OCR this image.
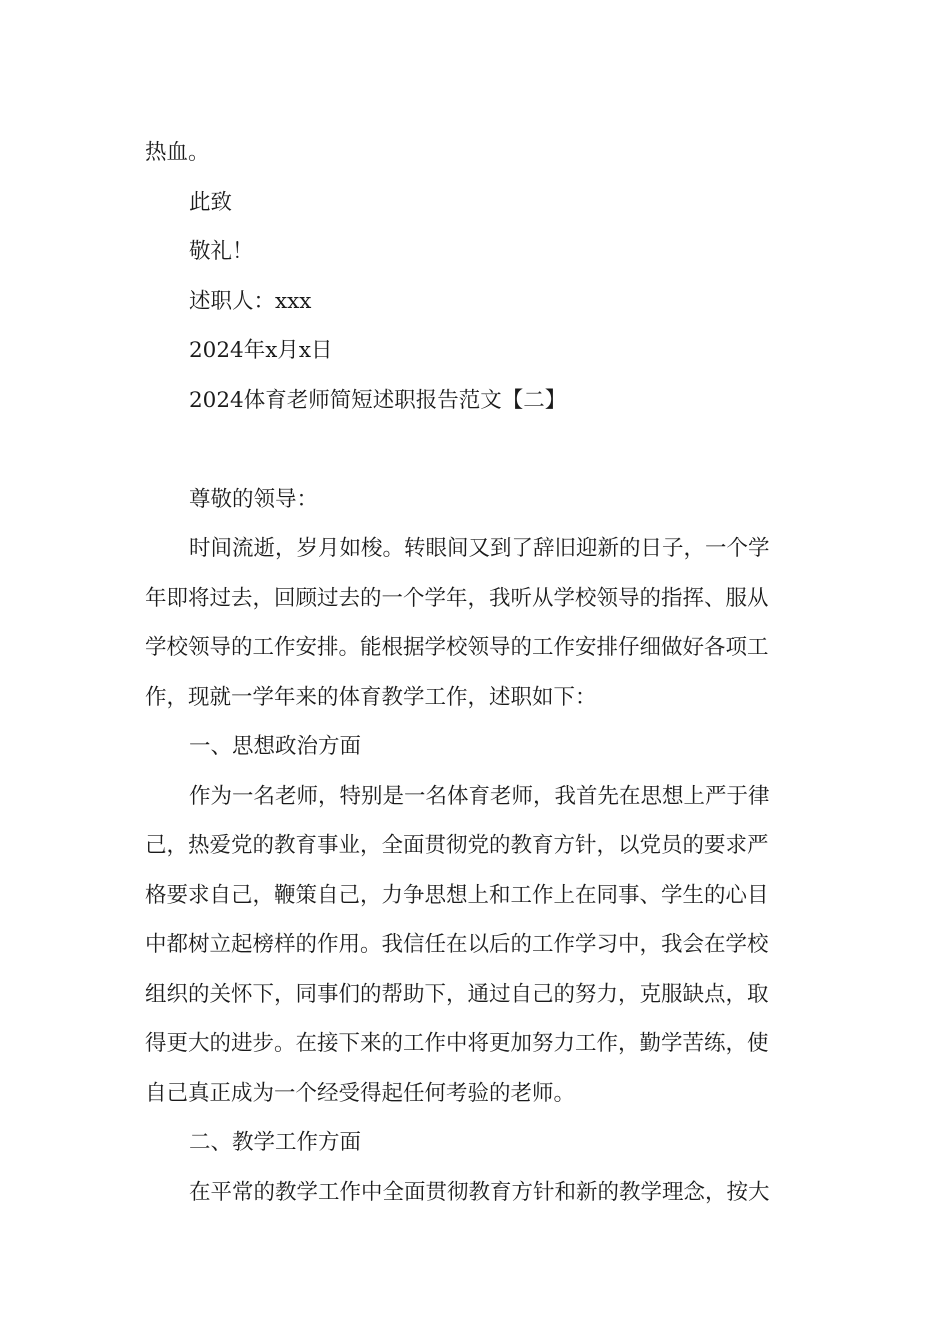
热血。
此致
敬礼！
述职人：xxx
2024年x月x日
2024体育老师简短述职报告范文【二】
尊敬的领导：
时间流逝，岁月如梭。转眼间又到了辞旧迎新的日子，一个学
年即将过去，回顾过去的一个学年，我听从学校领导的指挥、服从
学校领导的工作安排。能根据学校领导的工作安排仔细做好各项工
作，现就一学年来的体育教学工作，述职如下：
一、思想政治方面
作为一名老师，特别是一名体育老师，我首先在思想上严于律
己，热爱党的教育事业，全面贯彻党的教育方针，以党员的要求严
格要求自己，鞭策自己，力争思想上和工作上在同事、学生的心目
中都树立起榜样的作用。我信任在以后的工作学习中，我会在学校
组织的关怀下，同事们的帮助下，通过自己的努力，克服缺点，取
得更大的进步。在接下来的工作中将更加努力工作，勤学苦练，使
自己真正成为一个经受得起任何考验的老师。
二、教学工作方面
在平常的教学工作中全面贯彻教育方针和新的教学理念，按大
